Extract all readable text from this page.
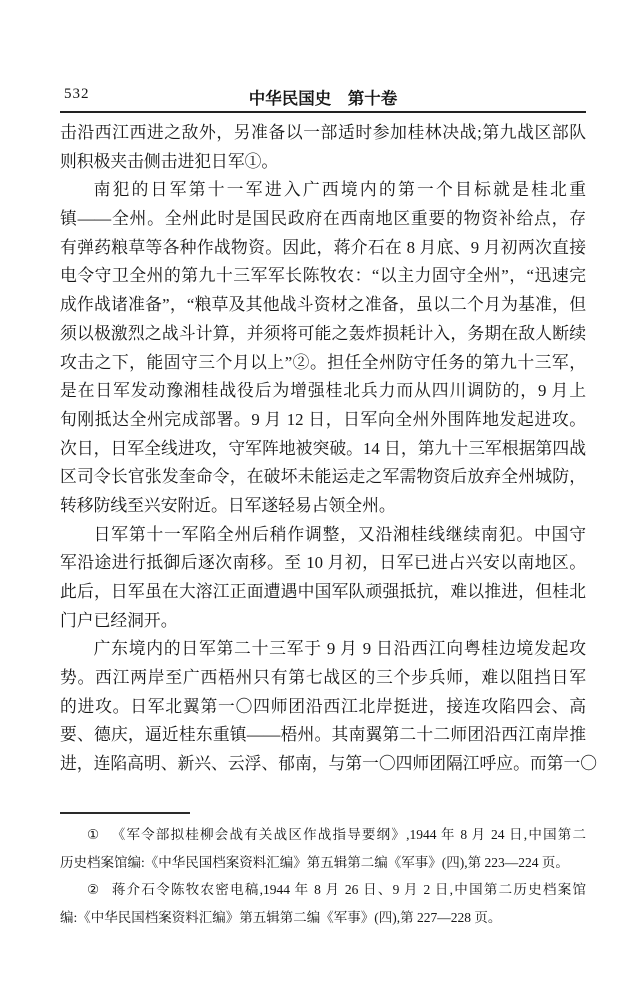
532	中华民国史　第十卷
击沿西江西进之敌外，另准备以一部适时参加桂林决战;第九战区部队
则积极夹击侧击进犯日军①。
南犯的日军第十一军进入广西境内的第一个目标就是桂北重
镇——全州。全州此时是国民政府在西南地区重要的物资补给点，存
有弹药粮草等各种作战物资。因此，蒋介石在 8 月底、9 月初两次直接
电令守卫全州的第九十三军军长陈牧农：“以主力固守全州”，“迅速完
成作战诸准备”，“粮草及其他战斗资材之准备，虽以二个月为基准，但
须以极激烈之战斗计算，并须将可能之轰炸损耗计入，务期在敌人断续
攻击之下，能固守三个月以上”②。担任全州防守任务的第九十三军，
是在日军发动豫湘桂战役后为增强桂北兵力而从四川调防的，9 月上
旬刚抵达全州完成部署。9 月 12 日，日军向全州外围阵地发起进攻。
次日，日军全线进攻，守军阵地被突破。14 日，第九十三军根据第四战
区司令长官张发奎命令，在破坏未能运走之军需物资后放弃全州城防，
转移防线至兴安附近。日军遂轻易占领全州。
日军第十一军陷全州后稍作调整，又沿湘桂线继续南犯。中国守
军沿途进行抵御后逐次南移。至 10 月初，日军已进占兴安以南地区。
此后，日军虽在大溶江正面遭遇中国军队顽强抵抗，难以推进，但桂北
门户已经洞开。
广东境内的日军第二十三军于 9 月 9 日沿西江向粤桂边境发起攻
势。西江两岸至广西梧州只有第七战区的三个步兵师，难以阻挡日军
的进攻。日军北翼第一〇四师团沿西江北岸挺进，接连攻陷四会、高
要、德庆，逼近桂东重镇——梧州。其南翼第二十二师团沿西江南岸推
进，连陷高明、新兴、云浮、郁南，与第一〇四师团隔江呼应。而第一〇
① 《军令部拟桂柳会战有关战区作战指导要纲》,1944 年 8 月 24 日,中国第二
历史档案馆编:《中华民国档案资料汇编》第五辑第二编《军事》(四),第 223—224 页。
② 蒋介石令陈牧农密电稿,1944 年 8 月 26 日、9 月 2 日,中国第二历史档案馆
编:《中华民国档案资料汇编》第五辑第二编《军事》(四),第 227—228 页。
